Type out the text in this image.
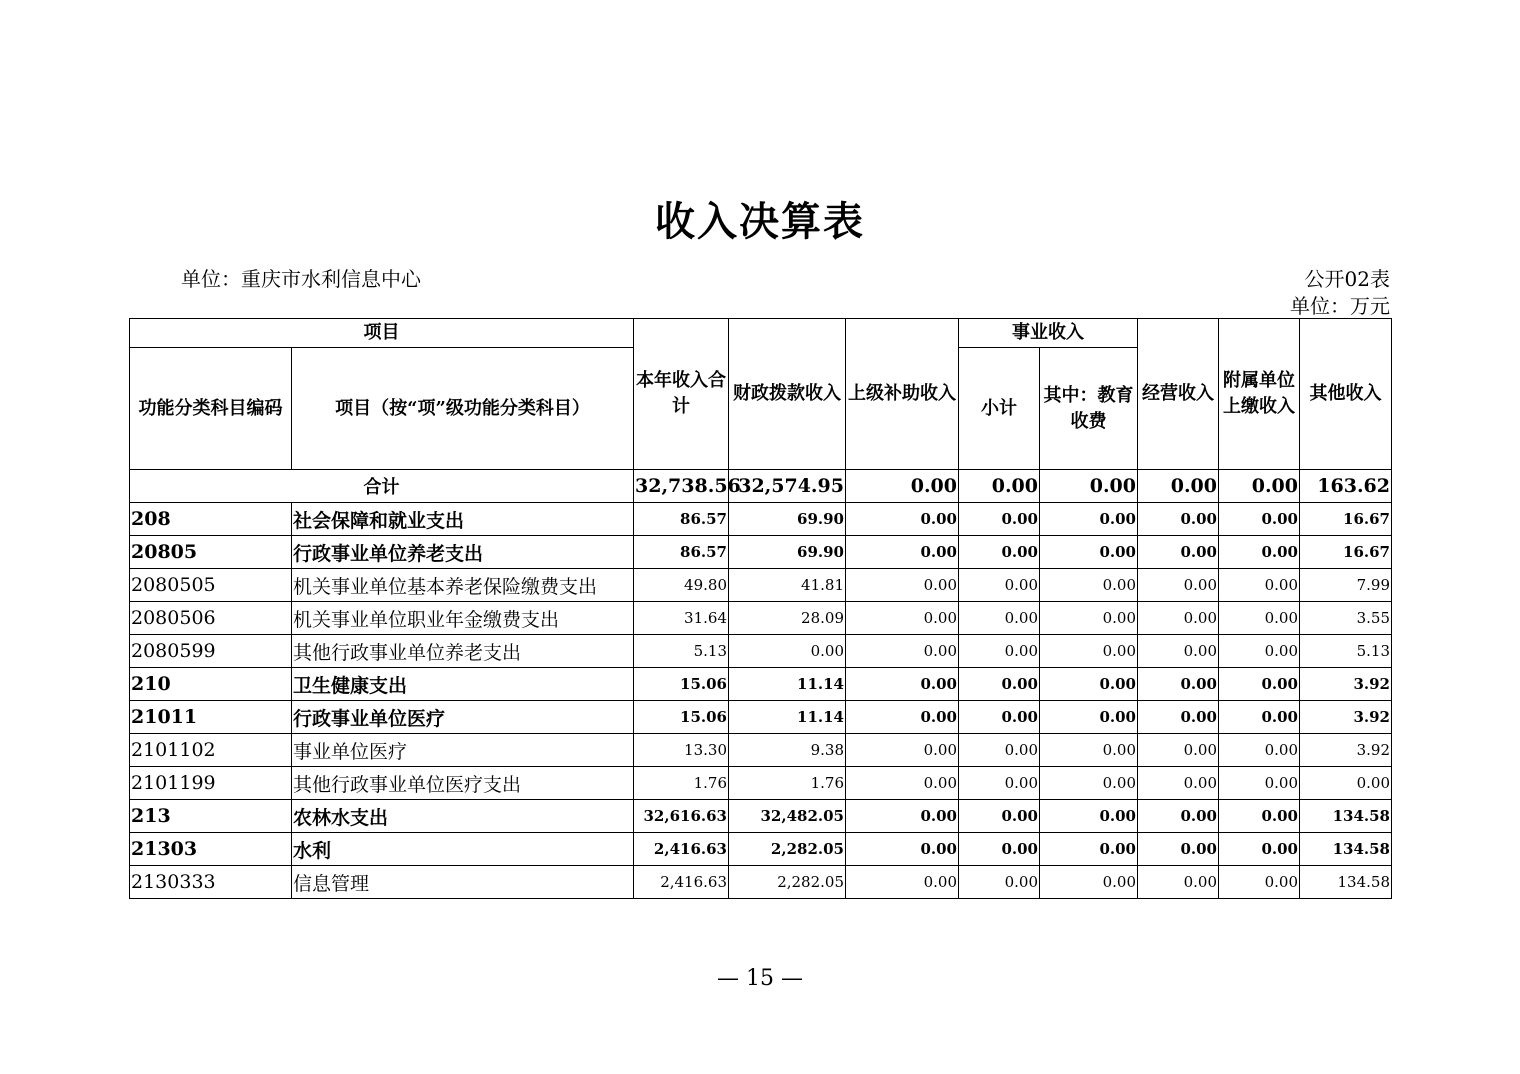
收入决算表
单位：重庆市水利信息中心	公开02表
单位：万元
项目		本年收入合计	财政拨款收入	上级补助收入	事业收入		经营收入	附属单位上缴收入	其他收入
功能分类科目编码	项目（按“项”级功能分类科目）				小计	其中：教育收费			
合计		32,738.56	32,574.95	0.00	0.00	0.00	0.00	0.00	163.62
208	社会保障和就业支出	86.57	69.90	0.00	0.00	0.00	0.00	0.00	16.67
20805	行政事业单位养老支出	86.57	69.90	0.00	0.00	0.00	0.00	0.00	16.67
2080505	机关事业单位基本养老保险缴费支出	49.80	41.81	0.00	0.00	0.00	0.00	0.00	7.99
2080506	机关事业单位职业年金缴费支出	31.64	28.09	0.00	0.00	0.00	0.00	0.00	3.55
2080599	其他行政事业单位养老支出	5.13	0.00	0.00	0.00	0.00	0.00	0.00	5.13
210	卫生健康支出	15.06	11.14	0.00	0.00	0.00	0.00	0.00	3.92
21011	行政事业单位医疗	15.06	11.14	0.00	0.00	0.00	0.00	0.00	3.92
2101102	事业单位医疗	13.30	9.38	0.00	0.00	0.00	0.00	0.00	3.92
2101199	其他行政事业单位医疗支出	1.76	1.76	0.00	0.00	0.00	0.00	0.00	0.00
213	农林水支出	32,616.63	32,482.05	0.00	0.00	0.00	0.00	0.00	134.58
21303	水利	2,416.63	2,282.05	0.00	0.00	0.00	0.00	0.00	134.58
2130333	信息管理	2,416.63	2,282.05	0.00	0.00	0.00	0.00	0.00	134.58
— 15 —
